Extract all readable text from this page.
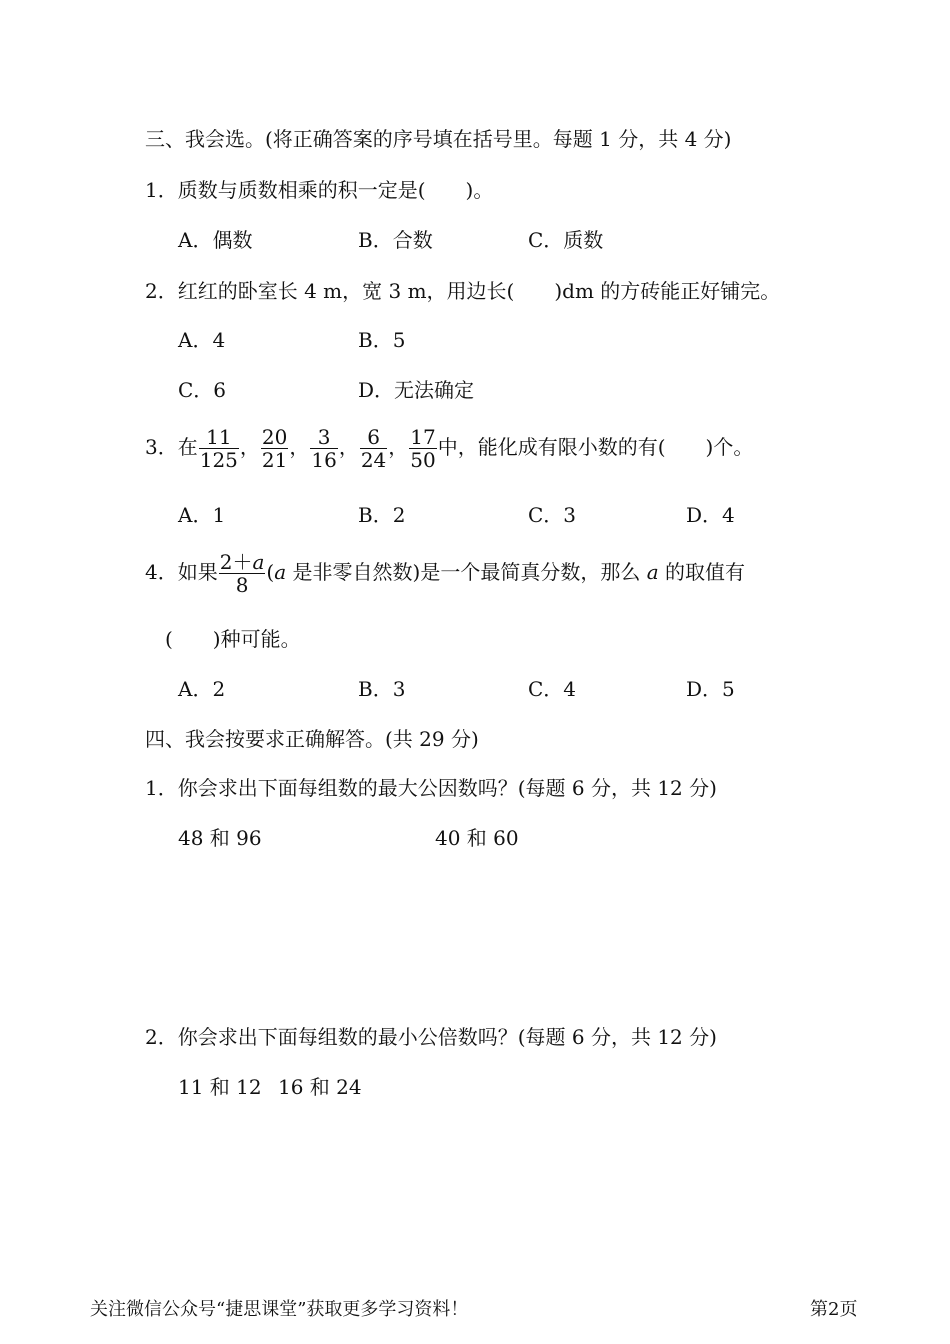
三、我会选。(将正确答案的序号填在括号里。每题 1 分，共 4 分)
1．质数与质数相乘的积一定是(　　)。
A．偶数	B．合数	C．质数
2．红红的卧室长 4 m，宽 3 m，用边长(　　)dm 的方砖能正好铺完。
A．4	B．5
C．6	D．无法确定
3．在 $\frac{11}{125}$ ， $\frac{20}{21}$ ， $\frac{3}{16}$ ， $\frac{6}{24}$ ， $\frac{17}{50}$ 中，能化成有限小数的有(　　)个。
A．1	B．2	C．3	D．4
4．如果 $\frac{2+a}{8} (a$ 是非零自然数)是一个最简真分数，那么 a 的取值有
(　　)种可能。
A．2	B．3	C．4	D．5
四、我会按要求正确解答。(共 29 分)
1．你会求出下面每组数的最大公因数吗？(每题 6 分，共 12 分)
48 和 96	40 和 60
2．你会求出下面每组数的最小公倍数吗？(每题 6 分，共 12 分)
11 和 12 16 和 24
关注微信公众号“捷思课堂”获取更多学习资料！	第2页
